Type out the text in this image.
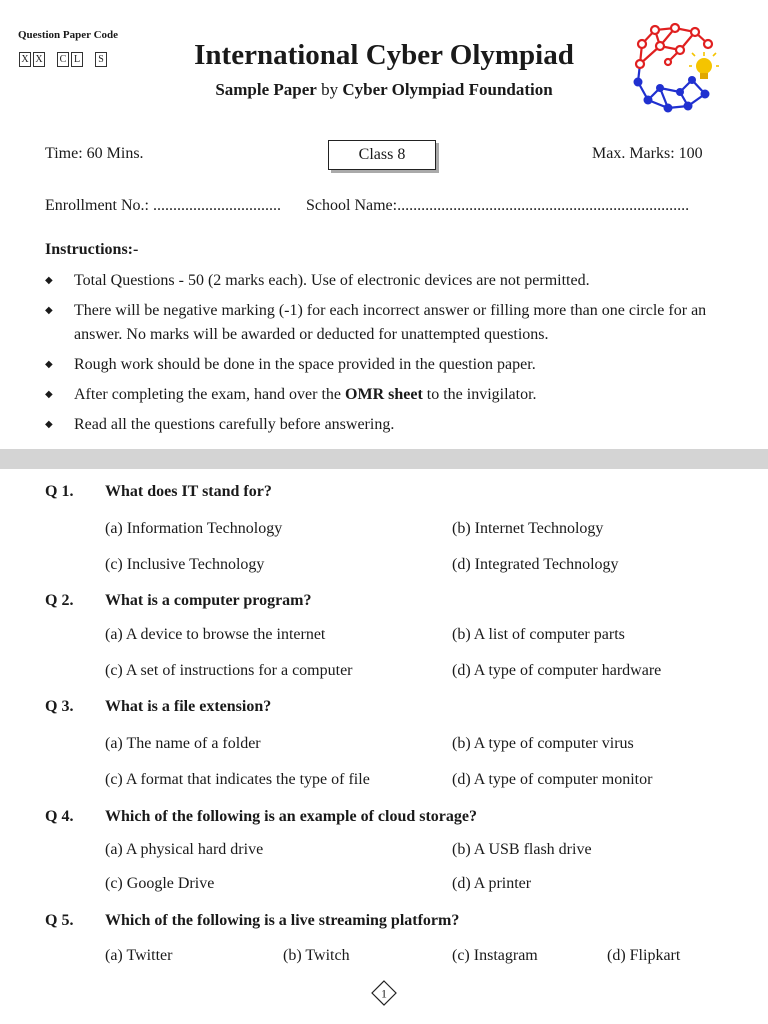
Question Paper Code
X X C L	S	International Cyber Olympiad
Sample Paper by Cyber Olympiad Foundation
Time: 60 Mins.	Class 8	Max. Marks: 100
Enrollment No.: ................................ School Name:.........................................................................
Instructions:-
◆ Total Questions - 50 (2 marks each). Use of electronic devices are not permitted.
◆ There will be negative marking (-1) for each incorrect answer or filling more than one circle for an answer. No marks will be awarded or deducted for unattempted questions.
◆ Rough work should be done in the space provided in the question paper.
◆ After completing the exam, hand over the OMR sheet to the invigilator.
◆ Read all the questions carefully before answering.
Q 1. What does IT stand for?
(a) Information Technology	(b) Internet Technology
(c) Inclusive Technology	(d) Integrated Technology
Q 2. What is a computer program?
(a) A device to browse the internet	(b) A list of computer parts
(c) A set of instructions for a computer	(d) A type of computer hardware
Q 3. What is a file extension?
(a) The name of a folder	(b) A type of computer virus
(c) A format that indicates the type of file	(d) A type of computer monitor
Q 4. Which of the following is an example of cloud storage?
(a) A physical hard drive	(b) A USB flash drive
(c) Google Drive	(d) A printer
Q 5. Which of the following is a live streaming platform?
(a) Twitter	(b) Twitch	(c) Instagram	(d) Flipkart
1
